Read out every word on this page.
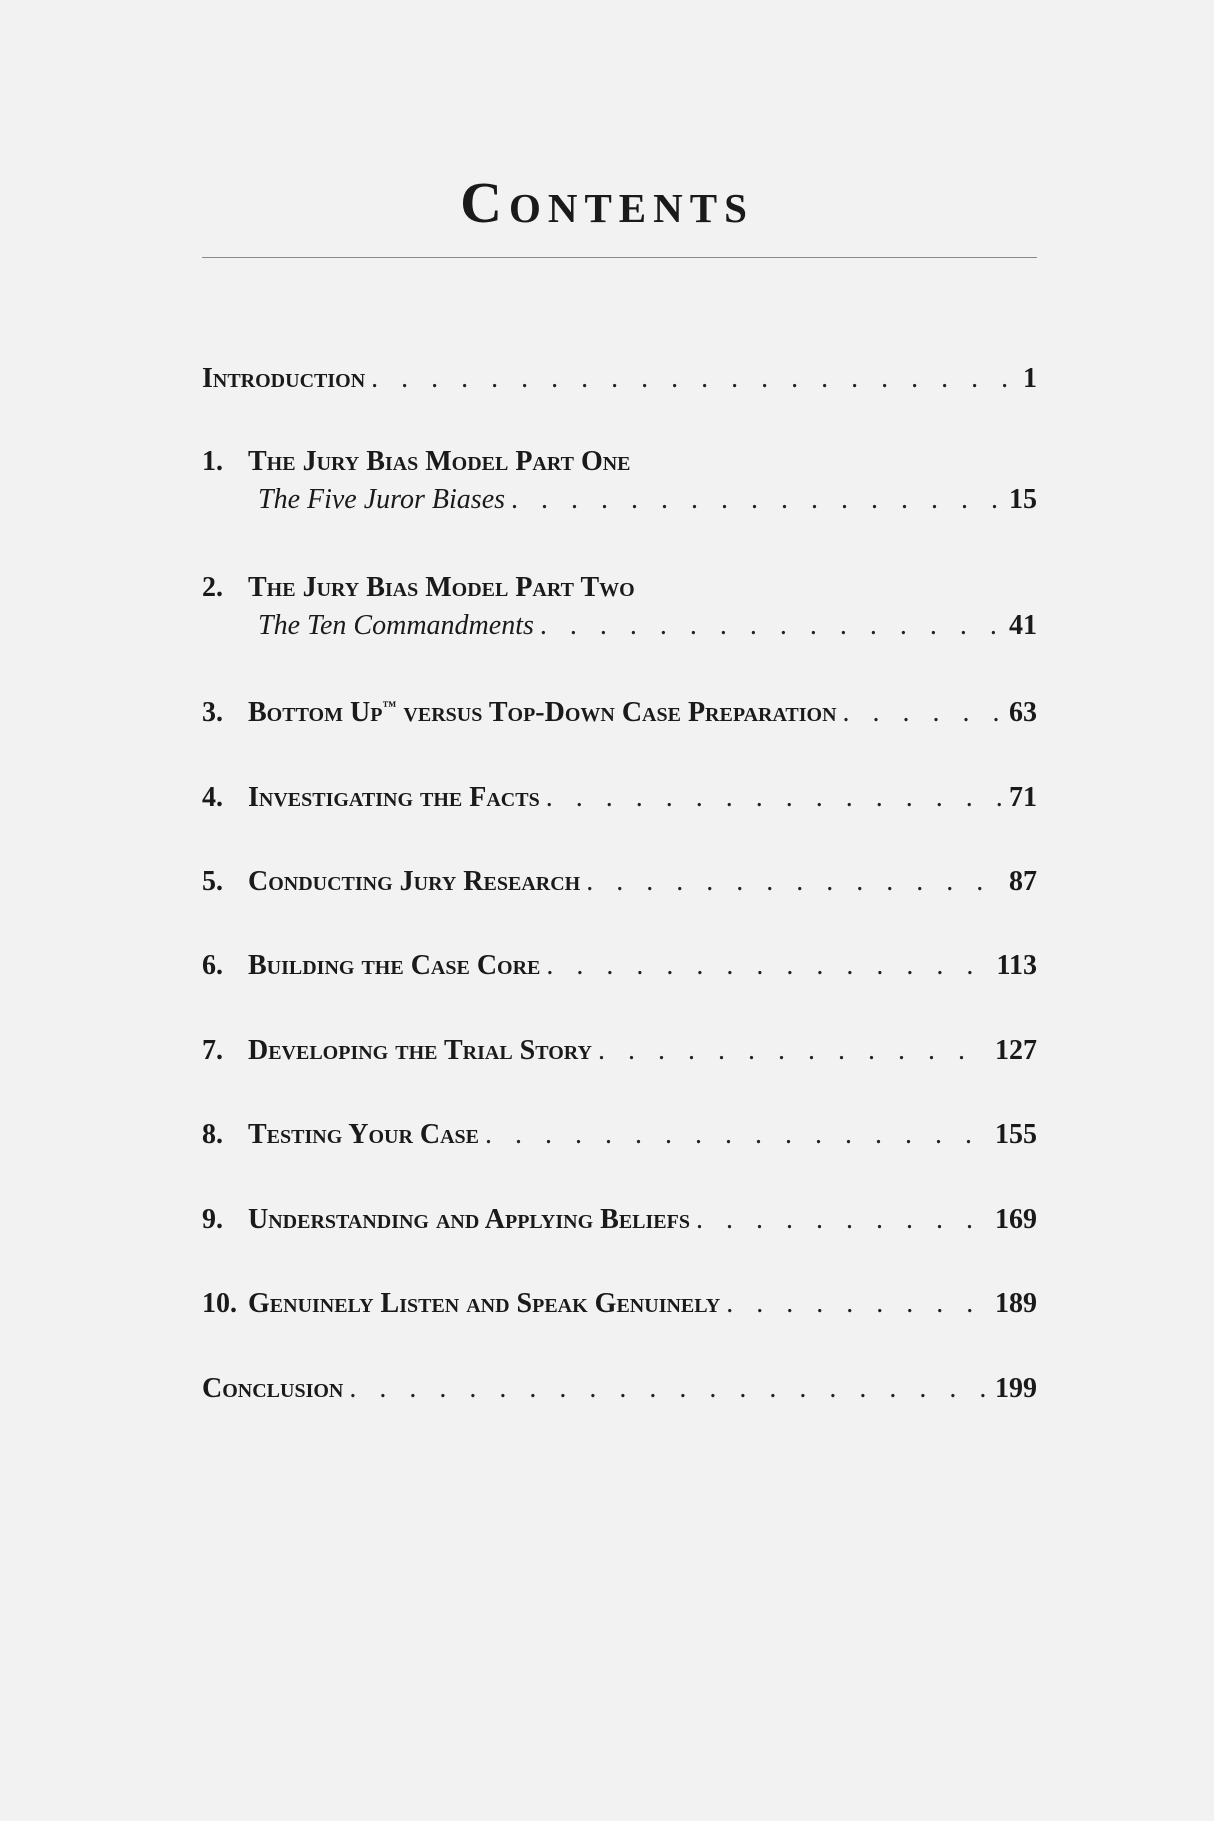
Contents
Introduction . . .	1
1. The Jury Bias Model Part One
The Five Juror Biases . . .	15
2. The Jury Bias Model Part Two
The Ten Commandments . . .	41
3. Bottom Up™ versus Top-Down Case Preparation . . .	63
4. Investigating the Facts . . .	71
5. Conducting Jury Research . . .	87
6. Building the Case Core . . .	113
7. Developing the Trial Story . . .	127
8. Testing Your Case . . .	155
9. Understanding and Applying Beliefs . . .	169
10. Genuinely Listen and Speak Genuinely . . .	189
Conclusion . . .	199
